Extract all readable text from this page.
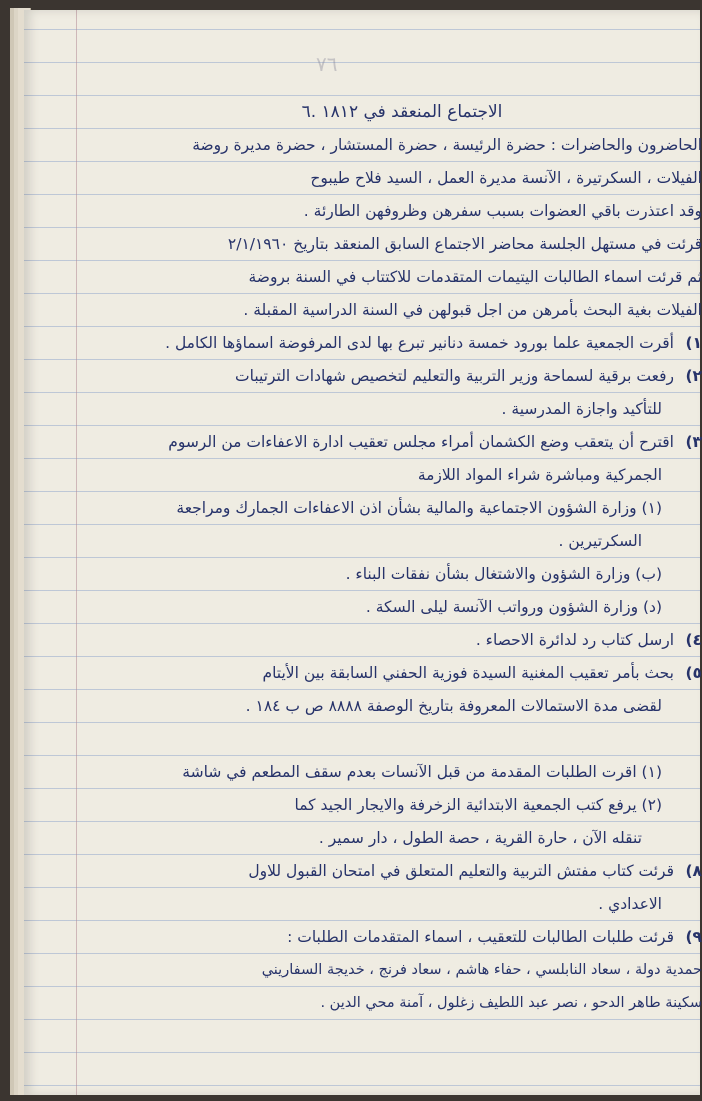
٧٦
الاجتماع المنعقد في ١٨١٢ .٦
الحاضرون والحاضرات : حضرة الرئيسة ، حضرة المستشار ، حضرة مديرة روضة
الفيلات ، السكرتيرة ، الآنسة مديرة العمل ، السيد فلاح طيبوح
وقد اعتذرت باقي العضوات بسبب سفرهن وظروفهن الطارئة .
قرئت في مستهل الجلسة محاضر الاجتماع السابق المنعقد بتاريخ ٢/١/١٩٦٠
ثم قرئت اسماء الطالبات اليتيمات المتقدمات للاكتتاب في السنة بروضة
الفيلات بغية البحث بأمرهن من اجل قبولهن في السنة الدراسية المقبلة .
١)أقرت الجمعية علما بورود خمسة دنانير تبرع بها لدى المرفوضة اسماؤها الكامل .
٢)رفعت برقية لسماحة وزير التربية والتعليم لتخصيص شهادات الترتيبات
للتأكيد واجازة المدرسية .
٣)اقترح أن يتعقب وضع الكشمان أمراء مجلس تعقيب ادارة الاعفاءات من الرسوم
الجمركية ومباشرة شراء المواد اللازمة
(١) وزارة الشؤون الاجتماعية والمالية بشأن اذن الاعفاءات الجمارك ومراجعة
السكرتيرين .
(ب) وزارة الشؤون والاشتغال بشأن نفقات البناء .
(د) وزارة الشؤون ورواتب الآنسة ليلى السكة .
٤)ارسل كتاب رد لدائرة الاحصاء .
٥)بحث بأمر تعقيب المغنية السيدة فوزية الحفني السابقة بين الأيتام
لقضى مدة الاستمالات المعروفة بتاريخ الوصفة ٨٨٨٨ ص ب ١٨٤ .
(١) اقرت الطلبات المقدمة من قبل الآنسات بعدم سقف المطعم في شاشة
(٢) يرفع كتب الجمعية الابتدائية الزخرفة والايجار الجيد كما
تنقله الآن ، حارة القرية ، حصة الطول ، دار سمير .
٨)قرئت كتاب مفتش التربية والتعليم المتعلق في امتحان القبول للاول
الاعدادي .
٩)قرئت طلبات الطالبات للتعقيب ، اسماء المتقدمات الطلبات :
حمدية دولة ، سعاد النابلسي ، حفاء هاشم ، سعاد فرنج ، خديجة السفاريني
سكينة طاهر الدحو ، نصر عبد اللطيف زغلول ، آمنة محي الدين .
